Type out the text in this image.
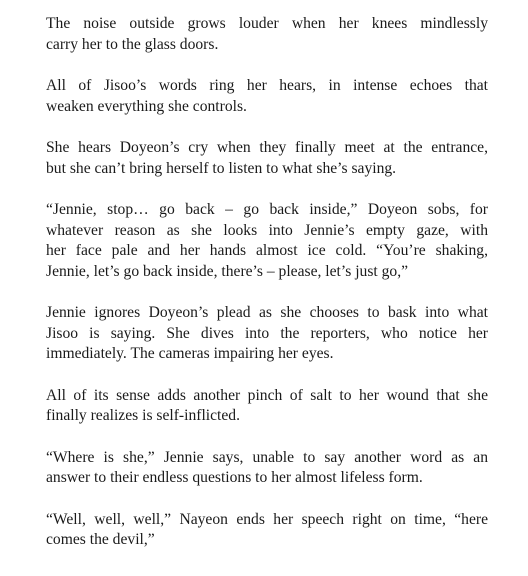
The noise outside grows louder when her knees mindlessly
carry her to the glass doors.

All of Jisoo’s words ring her hears, in intense echoes that
weaken everything she controls.

She hears Doyeon’s cry when they finally meet at the entrance,
but she can’t bring herself to listen to what she’s saying.

“Jennie, stop… go back – go back inside,” Doyeon sobs, for
whatever reason as she looks into Jennie’s empty gaze, with
her face pale and her hands almost ice cold. “You’re shaking,
Jennie, let’s go back inside, there’s – please, let’s just go,”

Jennie ignores Doyeon’s plead as she chooses to bask into what
Jisoo is saying. She dives into the reporters, who notice her
immediately. The cameras impairing her eyes.

All of its sense adds another pinch of salt to her wound that she
finally realizes is self-inflicted.

“Where is she,” Jennie says, unable to say another word as an
answer to their endless questions to her almost lifeless form.

“Well, well, well,” Nayeon ends her speech right on time, “here
comes the devil,”
